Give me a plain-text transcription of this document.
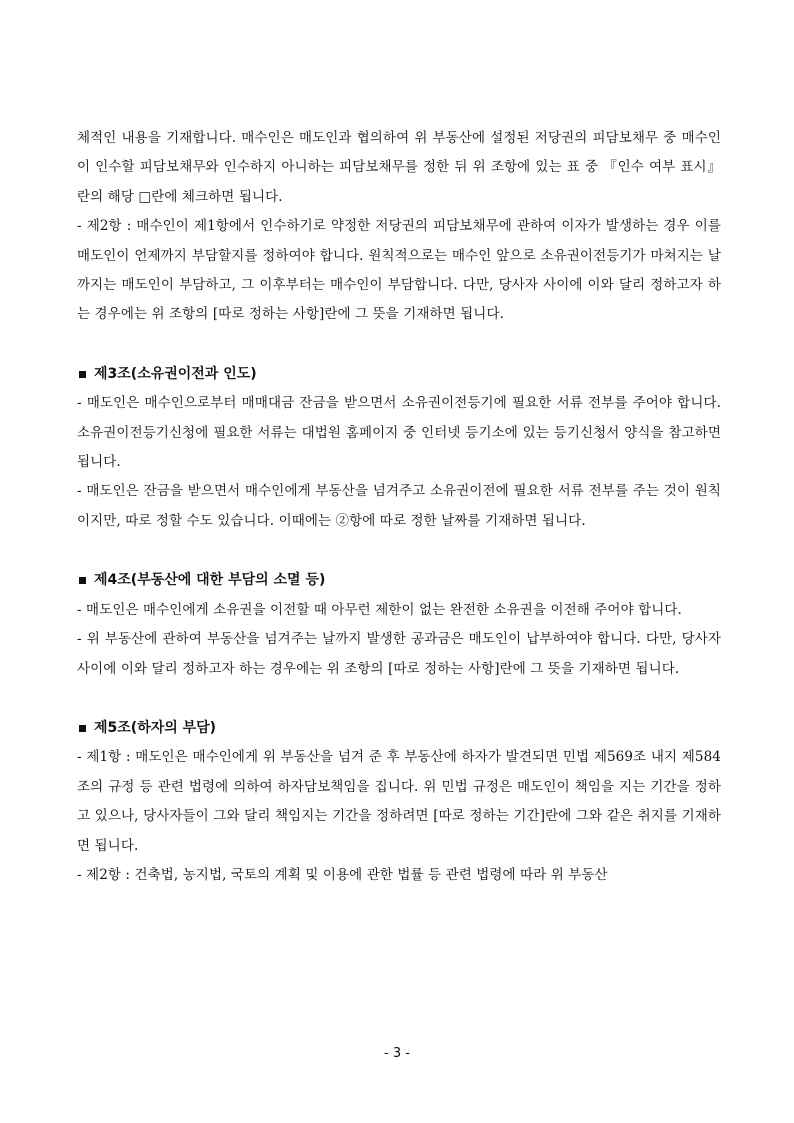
체적인 내용을 기재합니다. 매수인은 매도인과 협의하여 위 부동산에 설정된 저당권의 피담보채무 중 매수인이 인수할 피담보채무와 인수하지 아니하는 피담보채무를 정한 뒤 위 조항에 있는 표 중 『인수 여부 표시』란의 해당 □란에 체크하면 됩니다.

- 제2항 : 매수인이 제1항에서 인수하기로 약정한 저당권의 피담보채무에 관하여 이자가 발생하는 경우 이를 매도인이 언제까지 부담할지를 정하여야 합니다. 원칙적으로는 매수인 앞으로 소유권이전등기가 마쳐지는 날까지는 매도인이 부담하고, 그 이후부터는 매수인이 부담합니다. 다만, 당사자 사이에 이와 달리 정하고자 하는 경우에는 위 조항의 [따로 정하는 사항]란에 그 뜻을 기재하면 됩니다.

제3조(소유권이전과 인도)

- 매도인은 매수인으로부터 매매대금 잔금을 받으면서 소유권이전등기에 필요한 서류 전부를 주어야 합니다. 소유권이전등기신청에 필요한 서류는 대법원 홈페이지 중 인터넷 등기소에 있는 등기신청서 양식을 참고하면 됩니다.

- 매도인은 잔금을 받으면서 매수인에게 부동산을 넘겨주고 소유권이전에 필요한 서류 전부를 주는 것이 원칙이지만, 따로 정할 수도 있습니다. 이때에는 ②항에 따로 정한 날짜를 기재하면 됩니다.

제4조(부동산에 대한 부담의 소멸 등)

- 매도인은 매수인에게 소유권을 이전할 때 아무런 제한이 없는 완전한 소유권을 이전해 주어야 합니다.

- 위 부동산에 관하여 부동산을 넘겨주는 날까지 발생한 공과금은 매도인이 납부하여야 합니다. 다만, 당사자 사이에 이와 달리 정하고자 하는 경우에는 위 조항의 [따로 정하는 사항]란에 그 뜻을 기재하면 됩니다.

제5조(하자의 부담)

- 제1항 : 매도인은 매수인에게 위 부동산을 넘겨 준 후 부동산에 하자가 발견되면 민법 제569조 내지 제584조의 규정 등 관련 법령에 의하여 하자담보책임을 집니다. 위 민법 규정은 매도인이 책임을 지는 기간을 정하고 있으나, 당사자들이 그와 달리 책임지는 기간을 정하려면 [따로 정하는 기간]란에 그와 같은 취지를 기재하면 됩니다.

- 제2항 : 건축법, 농지법, 국토의 계획 및 이용에 관한 법률 등 관련 법령에 따라 위 부동산

- 3 -
